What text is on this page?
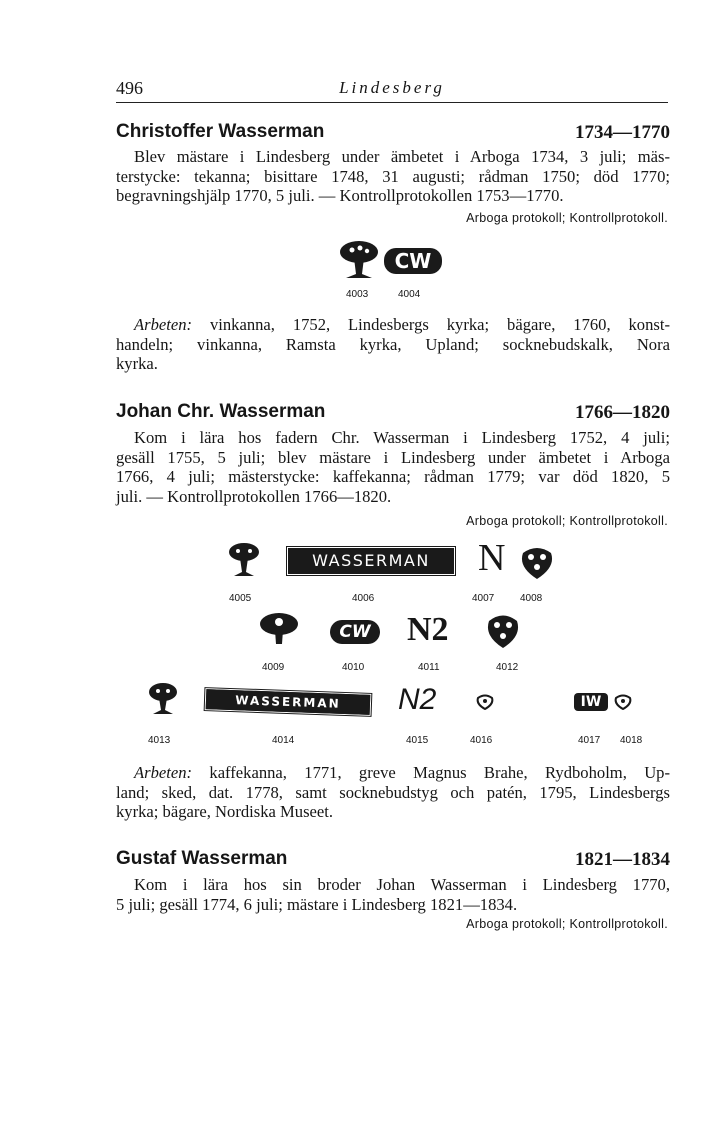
496	Lindesberg
Christoffer Wasserman	1734—1770
Blev mästare i Lindesberg under ämbetet i Arboga 1734, 3 juli; mäs-
terstycke: tekanna; bisittare 1748, 31 augusti; rådman 1750; död 1770;
begravningshjälp 1770, 5 juli. — Kontrollprotokollen 1753—1770.
Arboga protokoll; Kontrollprotokoll.
CW
4003	4004
Arbeten: vinkanna, 1752, Lindesbergs kyrka; bägare, 1760, konst-
handeln; vinkanna, Ramsta kyrka, Upland; socknebudskalk, Nora
kyrka.
Johan Chr. Wasserman	1766—1820
Kom i lära hos fadern Chr. Wasserman i Lindesberg 1752, 4 juli;
gesäll 1755, 5 juli; blev mästare i Lindesberg under ämbetet i Arboga
1766, 4 juli; mästerstycke: kaffekanna; rådman 1779; var död 1820, 5
juli. — Kontrollprotokollen 1766—1820.
Arboga protokoll; Kontrollprotokoll.
WASSERMAN	N
4005	4006	4007	4008
CW N2
4009	4010	4011	4012
WASSERMAN	N2	IW
4013	4014	4015	4016	4017 4018
Arbeten: kaffekanna, 1771, greve Magnus Brahe, Rydboholm, Up-
land; sked, dat. 1778, samt socknebudstyg och patén, 1795, Lindesbergs
kyrka; bägare, Nordiska Museet.
Gustaf Wasserman	1821—1834
Kom i lära hos sin broder Johan Wasserman i Lindesberg 1770,
5 juli; gesäll 1774, 6 juli; mästare i Lindesberg 1821—1834.
Arboga protokoll; Kontrollprotokoll.
